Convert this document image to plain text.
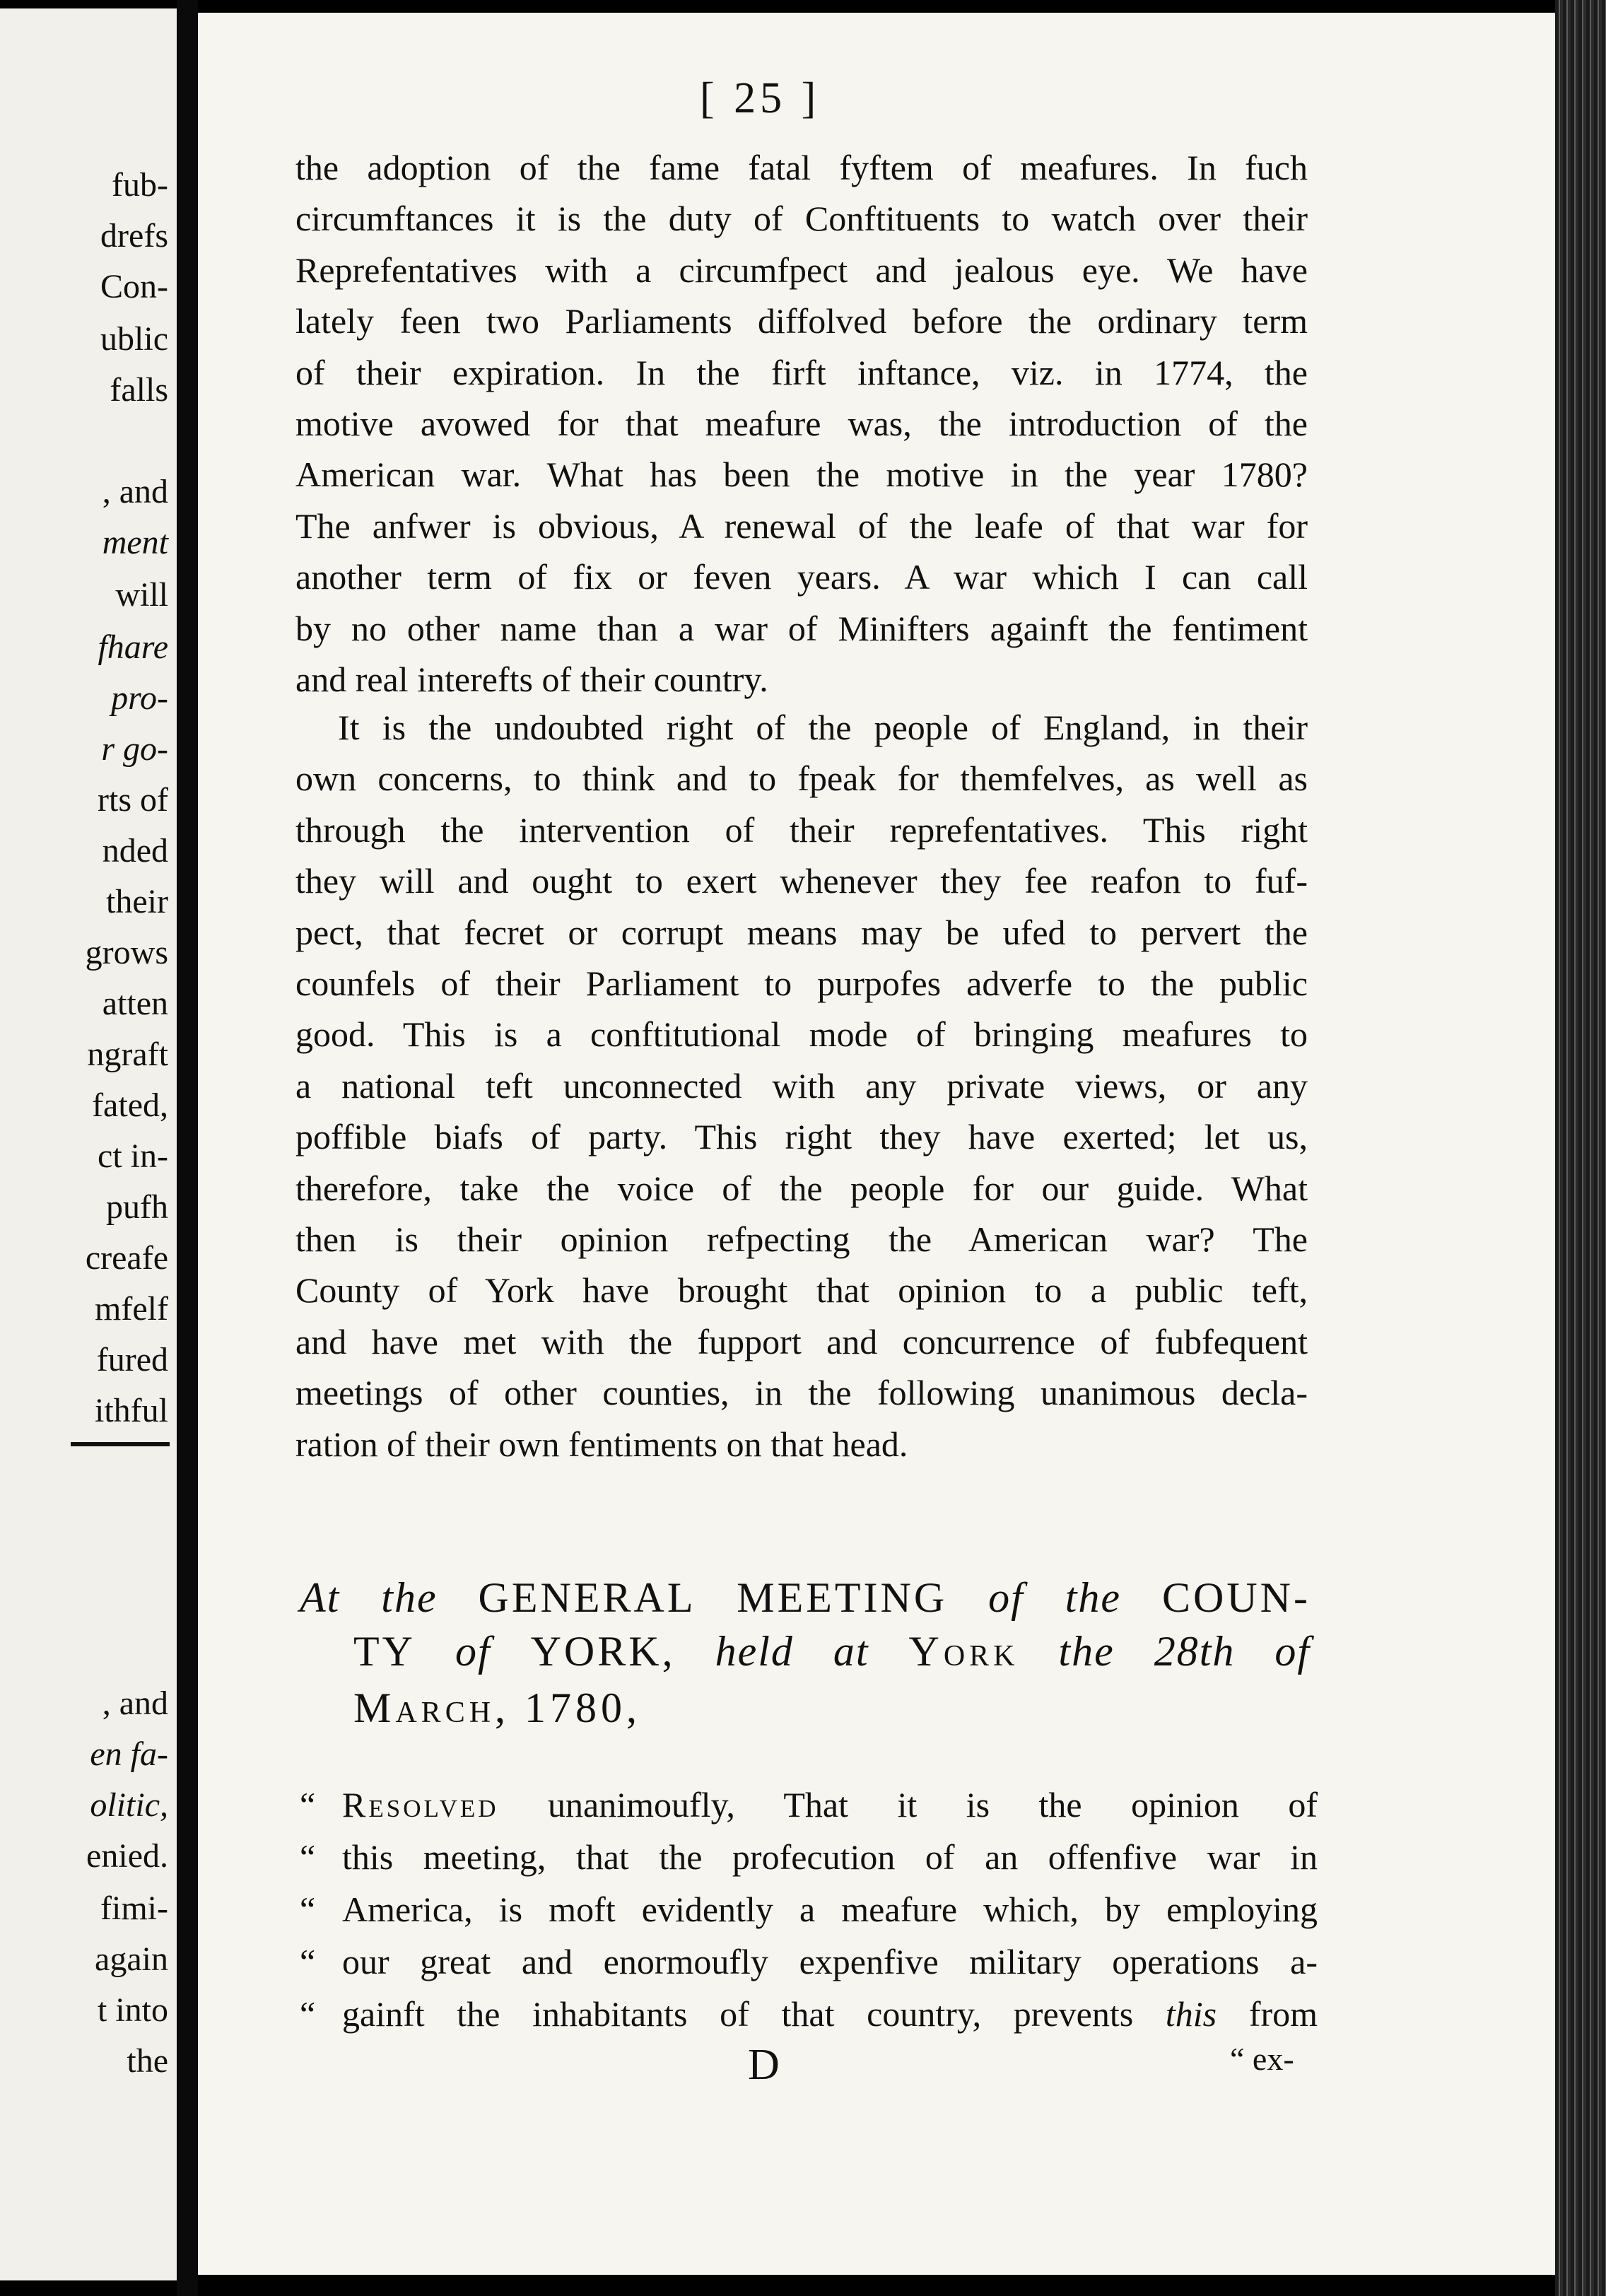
fub-
drefs
Con-
ublic
falls
, and
ment
will
fhare
pro-
r go-
rts of
nded
their
grows
atten
ngraft
fated,
ct in-
pufh
creafe
mfelf
fured
ithful
, and
en fa-
olitic,
enied.
fimi-
again
t into
the
[ 25 ]
the adoption of the fame fatal fyftem of meafures. In fuch
circumftances it is the duty of Conftituents to watch over their
Reprefentatives with a circumfpect and jealous eye. We have
lately feen two Parliaments diffolved before the ordinary term
of their expiration. In the firft inftance, viz. in 1774, the
motive avowed for that meafure was, the introduction of the
American war. What has been the motive in the year 1780?
The anfwer is obvious, A renewal of the leafe of that war for
another term of fix or feven years. A war which I can call
by no other name than a war of Minifters againft the fentiment
and real interefts of their country.
It is the undoubted right of the people of England, in their
own concerns, to think and to fpeak for themfelves, as well as
through the intervention of their reprefentatives. This right
they will and ought to exert whenever they fee reafon to fuf-
pect, that fecret or corrupt means may be ufed to pervert the
counfels of their Parliament to purpofes adverfe to the public
good. This is a conftitutional mode of bringing meafures to
a national teft unconnected with any private views, or any
poffible biafs of party. This right they have exerted; let us,
therefore, take the voice of the people for our guide. What
then is their opinion refpecting the American war? The
County of York have brought that opinion to a public teft,
and have met with the fupport and concurrence of fubfequent
meetings of other counties, in the following unanimous decla-
ration of their own fentiments on that head.
At the GENERAL MEETING of the COUN-
TY of YORK, held at York the 28th of
March, 1780,
“ Resolved unanimoufly, That it is the opinion of
“ this meeting, that the profecution of an offenfive war in
“ America, is moft evidently a meafure which, by employing
“ our great and enormoufly expenfive military operations a-
“ gainft the inhabitants of that country, prevents this from
D	“ ex-
